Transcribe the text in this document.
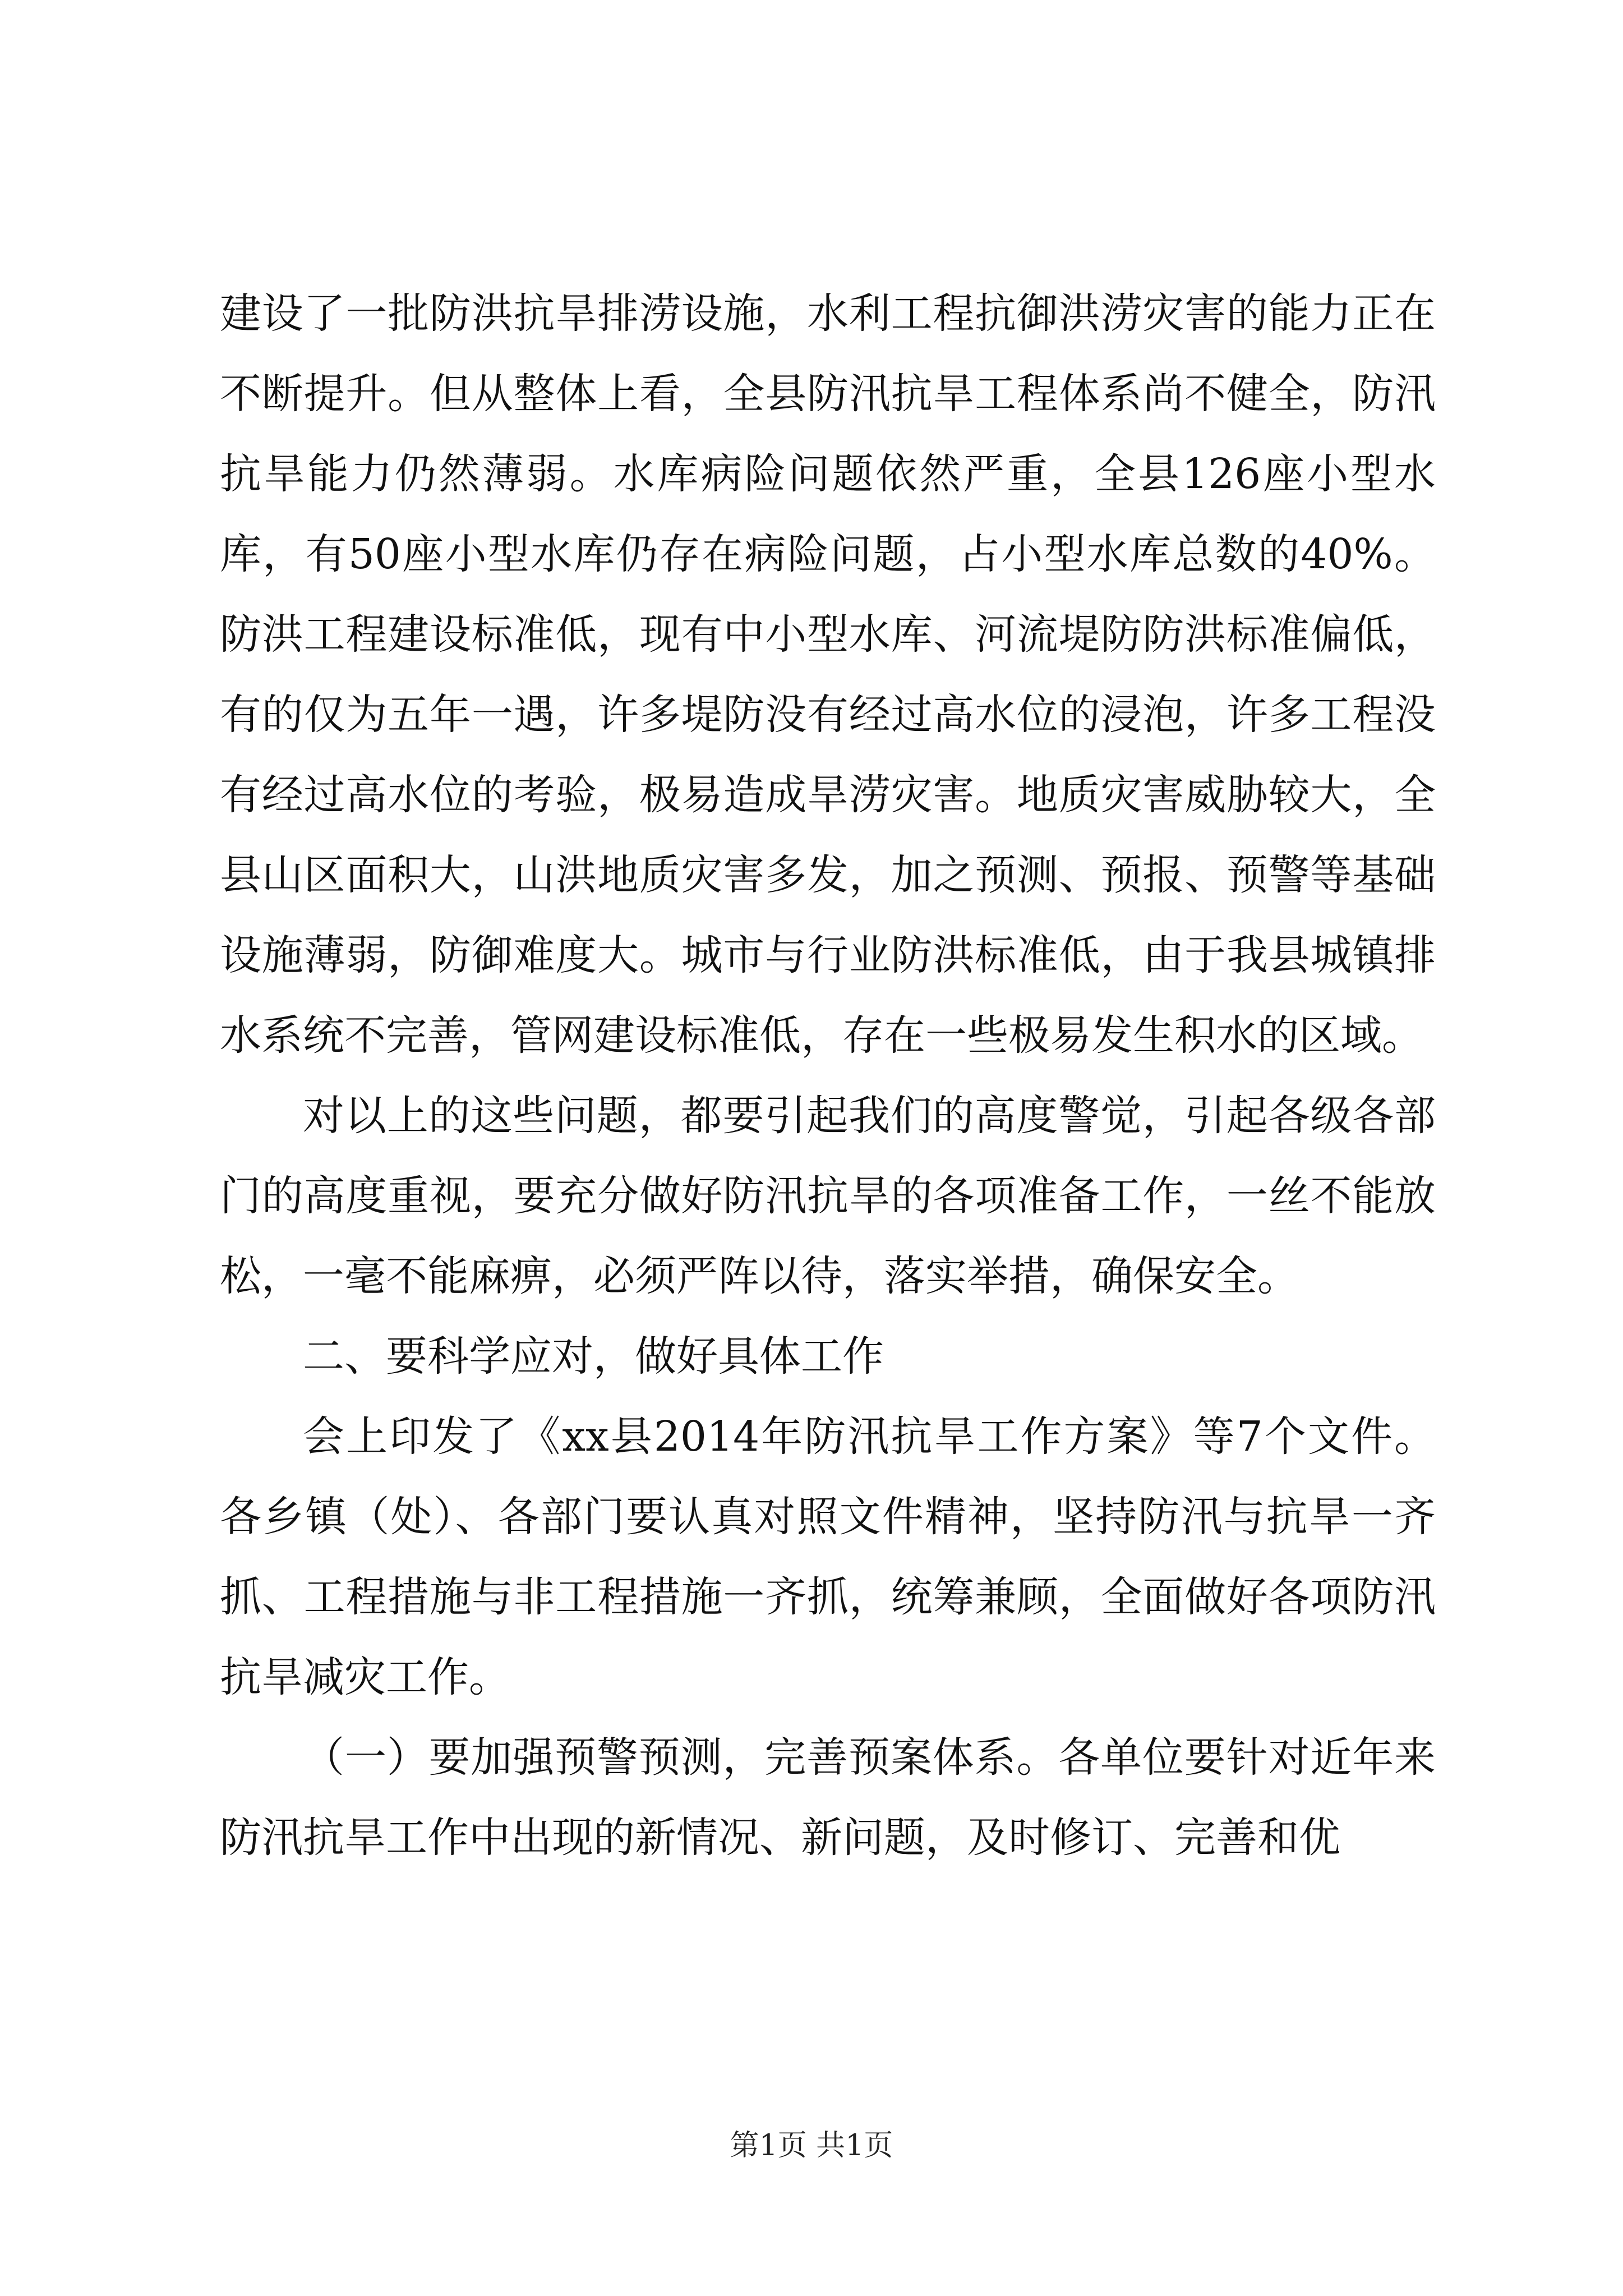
建设了一批防洪抗旱排涝设施，水利工程抗御洪涝灾害的能力正在不断提升。但从整体上看，全县防汛抗旱工程体系尚不健全，防汛抗旱能力仍然薄弱。水库病险问题依然严重，全县126座小型水库，有50座小型水库仍存在病险问题，占小型水库总数的40%。防洪工程建设标准低，现有中小型水库、河流堤防防洪标准偏低，有的仅为五年一遇，许多堤防没有经过高水位的浸泡，许多工程没有经过高水位的考验，极易造成旱涝灾害。地质灾害威胁较大，全县山区面积大，山洪地质灾害多发，加之预测、预报、预警等基础设施薄弱，防御难度大。城市与行业防洪标准低，由于我县城镇排水系统不完善，管网建设标准低，存在一些极易发生积水的区域。

对以上的这些问题，都要引起我们的高度警觉，引起各级各部门的高度重视，要充分做好防汛抗旱的各项准备工作，一丝不能放松，一毫不能麻痹，必须严阵以待，落实举措，确保安全。

二、要科学应对，做好具体工作

会上印发了《xx县2014年防汛抗旱工作方案》等7个文件。各乡镇（处）、各部门要认真对照文件精神，坚持防汛与抗旱一齐抓、工程措施与非工程措施一齐抓，统筹兼顾，全面做好各项防汛抗旱减灾工作。

（一）要加强预警预测，完善预案体系。各单位要针对近年来防汛抗旱工作中出现的新情况、新问题，及时修订、完善和优

第1页 共1页
